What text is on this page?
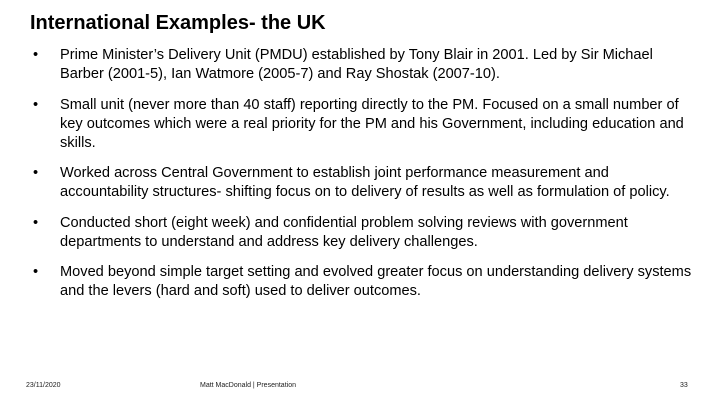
International Examples- the UK
•	Prime Minister’s Delivery Unit (PMDU) established by Tony Blair in 2001. Led by Sir Michael Barber (2001-5), Ian Watmore (2005-7) and Ray Shostak (2007-10).
•	Small unit (never more than 40 staff) reporting directly to the PM. Focused on a small number of key outcomes which were a real priority for the PM and his Government, including education and skills.
•	Worked across Central Government to establish joint performance measurement and accountability structures- shifting focus on to delivery of results as well as formulation of policy.
•	Conducted short (eight week) and confidential problem solving reviews with government departments to understand and address key delivery challenges.
•	Moved beyond simple target setting and evolved greater focus on understanding delivery systems and the levers (hard and soft) used to deliver outcomes.
23/11/2020	Matt MacDonald | Presentation	33
